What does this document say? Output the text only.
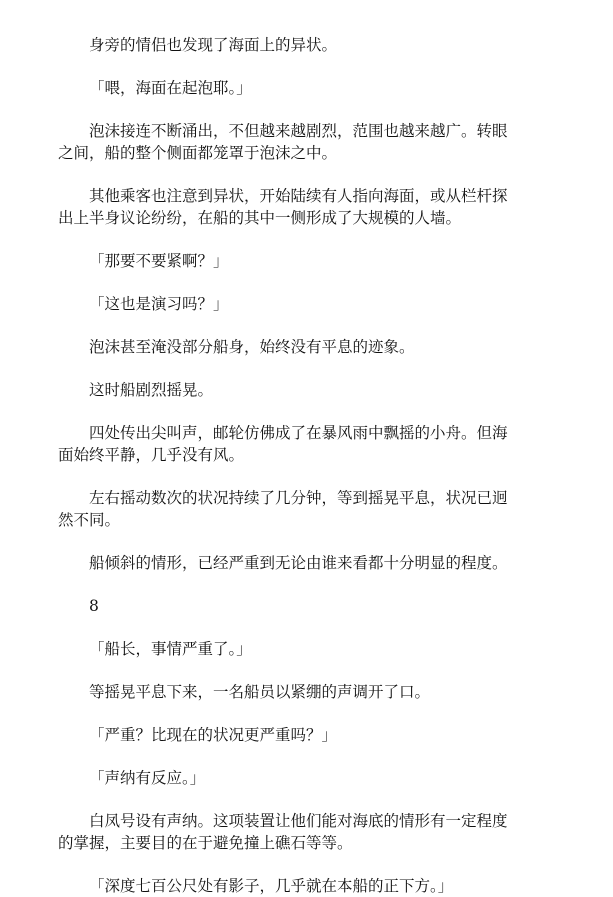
身旁的情侣也发现了海面上的异状。

「喂，海面在起泡耶。」

泡沫接连不断涌出，不但越来越剧烈，范围也越来越广。转眼
之间，船的整个侧面都笼罩于泡沫之中。

其他乘客也注意到异状，开始陆续有人指向海面，或从栏杆探
出上半身议论纷纷，在船的其中一侧形成了大规模的人墙。

「那要不要紧啊？」

「这也是演习吗？」

泡沫甚至淹没部分船身，始终没有平息的迹象。

这时船剧烈摇晃。

四处传出尖叫声，邮轮仿佛成了在暴风雨中飘摇的小舟。但海
面始终平静，几乎没有风。

左右摇动数次的状况持续了几分钟，等到摇晃平息，状况已迥
然不同。

船倾斜的情形，已经严重到无论由谁来看都十分明显的程度。

8

「船长，事情严重了。」

等摇晃平息下来，一名船员以紧绷的声调开了口。

「严重？比现在的状况更严重吗？」

「声纳有反应。」

白凤号设有声纳。这项装置让他们能对海底的情形有一定程度
的掌握，主要目的在于避免撞上礁石等等。

「深度七百公尺处有影子，几乎就在本船的正下方。」
